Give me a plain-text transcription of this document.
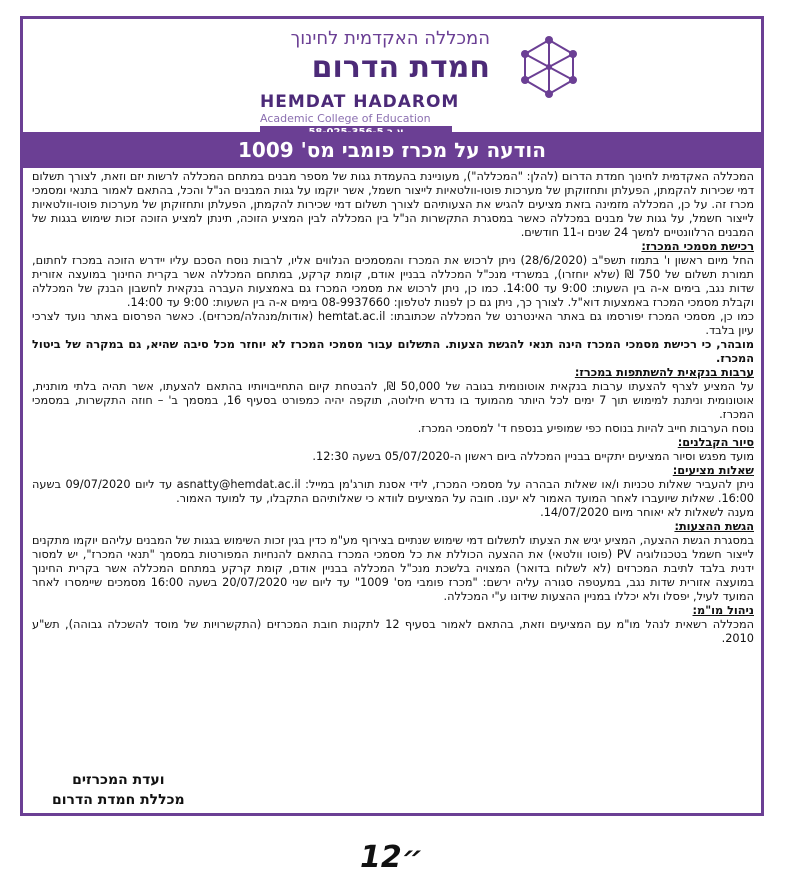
המכללה האקדמית לחינוך
חמדת הדרום
HEMDAT HADAROM
Academic College of Education
הודעה על מכרז פומבי מס' 1009

המכללה האקדמית לחינוך חמדת הדרום (להלן: "המכללה"), מעוניינת בהעמדת גגות של מספר מבנים במתחם המכללה לרשות יזם וזאת, לצורך תשלום דמי שכירות להקמתן, הפעלתן ותחזוקתן של מערכות פוטו-וולטאיות לייצור חשמל, אשר יוקמו על גגות המבנים הנ"ל והכל, בהתאם לאמור בתנאי ומסמכי מכרז זה. על כן, המכללה מזמינה בזאת מציעים להגיש את הצעותיהם לצורך תשלום דמי שכירות להקמתן, הפעלתן ותחזוקתן של מערכות פוטו-וולטאיות לייצור חשמל, על גגות של מבנים במכללה כאשר במסגרת התקשרות הנ"ל בין המכללה לבין המציע הזוכה, תינתן למציע הזוכה זכות שימוש בגגות של המבנים הרלוונטיים למשך 24 שנים ו-11 חודשים.

רכישת מסמכי המכרז:

החל מיום ראשון ו' בתמוז תשפ"ב (28/6/2020) ניתן לרכוש את המכרז והמסמכים הנלווים אליו, לרבות נוסח הסכם עליו יידרש הזוכה במכרז לחתום, תמורת תשלום של 750 ₪ (שלא יוחזרו), במשרדי מנכ"ל המכללה בבניין אודם, קומת קרקע, במתחם המכללה אשר בקרית החינוך במועצה אזורית שדות נגב, בימים א-ה בין השעות: 9:00 עד 14:00. כמו כן, ניתן לרכוש את מסמכי המכרז גם באמצעות העברה בנקאית לחשבון הבנק של המכללה וקבלת מסמכי המכרז באמצעות דוא"ל. לצורך כך, ניתן גם כן לפנות לטלפון: 08-9937660 בימים א-ה בין השעות: 9:00 עד 14:00.

כמו כן, מסמכי המכרז יפורסמו גם באתר האינטרנט של המכללה שכתובתו: hemtat.ac.il (אודות/מנהלה/מכרזים). כאשר הפרסום באתר נועד לצרכי עיון בלבד.

מובהר, כי רכישת מסמכי המכרז הינה תנאי להגשת הצעות. התשלום עבור מסמכי המכרז לא יוחזר מכל סיבה שהיא, גם במקרה של ביטול המכרז.

ערבות בנקאית להשתתפות במכרז:

על המציע לצרף להצעתו ערבות בנקאית אוטונומית בגובה של 50,000 ₪, להבטחת קיום התחייבויותיו בהתאם להצעתו, אשר תהיה בלתי מותנית, אוטונומית וניתנת למימוש תוך 7 ימים לכל היותר מהמועד בו נדרש חילוטה, תוקפה יהיה כמפורט בסעיף 16, במסמך ב' – חוזה התקשרות, במסמכי המכרז.

נוסח הערבות חייב להיות בנוסח כפי שמופיע בנספח ד' למסמכי המכרז.

סיור הקבלנים:

מועד מפגש וסיור המציעים יתקיים בבניין המכללה ביום ראשון ה-05/07/2020 בשעה 12:30.

שאלות מציעים:

ניתן להעביר שאלות טכניות ו/או שאלות הבהרה על מסמכי המכרז, לידי אסנת תורג'מן במייל: asnatty@hemdat.ac.il עד ליום 09/07/2020 בשעה 16:00. שאלות שיועברו לאחר המועד האמור לא יענו. חובה על המציעים לוודא כי שאלותיהם התקבלו, עד למועד האמור.

מענה לשאלות לא יאוחר מיום 14/07/2020.

הגשת ההצעות:

במסגרת הגשת ההצעה, המציע יגיש את הצעתו לתשלום דמי שימוש שנתיים בצירוף מע"מ כדין בגין זכות השימוש בגגות של המבנים עליהם יוקמו מתקנים לייצור חשמל בטכנולוגיה PV (פוטו וולטאי) את ההצעה הכוללת את כל מסמכי המכרז בהתאם להנחיות המפורטות במסמך "תנאי המכרז", יש למסור ידנית בלבד לתיבת המכרזים (לא לשלוח בדואר) המצויה בלשכת מנכ"ל המכללה בבניין אודם, קומת קרקע במתחם המכללה אשר בקרית החינוך במועצה אזורית שדות נגב, במעטפה סגורה עליה ירשם: "מכרז פומבי מס' 1009" עד ליום שני 20/07/2020 בשעה 16:00 מסמכים שיימסרו לאחר המועד לעיל, יפסלו ולא יכללו במניין ההצעות שידונו ע"י המכללה.

ניהול מו"מ:

המכללה רשאית לנהל מו"מ עם המציעים וזאת, בהתאם לאמור בסעיף 12 לתקנות חובת המכרזים (התקשרויות של מוסד להשכלה גבוהה), תש"ע 2010.

ועדת המכרזים
מכללת חמדת הדרום
12״
